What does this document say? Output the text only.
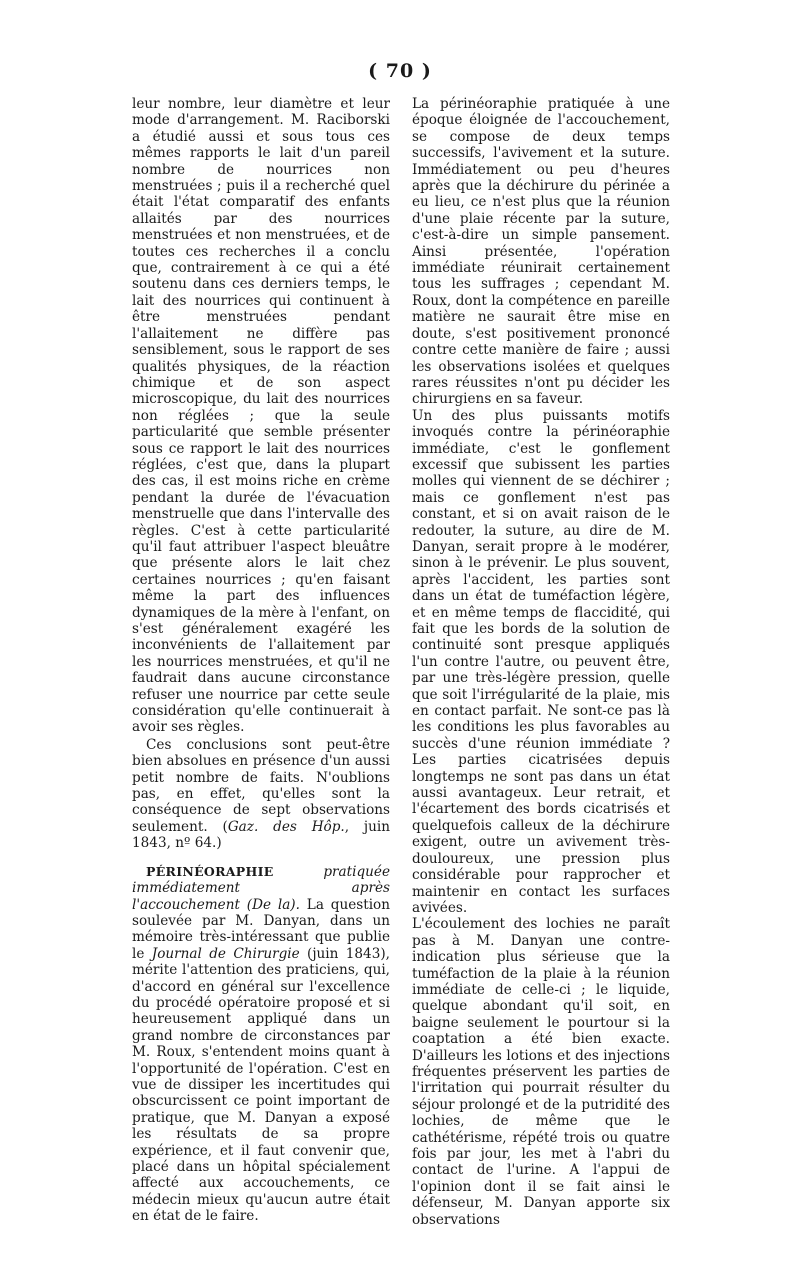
( 70 )

leur nombre, leur diamètre et leur mode d'arrangement. M. Raciborski a étudié aussi et sous tous ces mêmes rapports le lait d'un pareil nombre de nourrices non menstruées ; puis il a recherché quel était l'état comparatif des enfants allaités par des nourrices menstruées et non menstruées, et de toutes ces recherches il a conclu que, contrairement à ce qui a été soutenu dans ces derniers temps, le lait des nourrices qui continuent à être menstruées pendant l'allaitement ne diffère pas sensiblement, sous le rapport de ses qualités physiques, de la réaction chimique et de son aspect microscopique, du lait des nourrices non réglées ; que la seule particularité que semble présenter sous ce rapport le lait des nourrices réglées, c'est que, dans la plupart des cas, il est moins riche en crème pendant la durée de l'évacuation menstruelle que dans l'intervalle des règles. C'est à cette particularité qu'il faut attribuer l'aspect bleuâtre que présente alors le lait chez certaines nourrices ; qu'en faisant même la part des influences dynamiques de la mère à l'enfant, on s'est généralement exagéré les inconvénients de l'allaitement par les nourrices menstruées, et qu'il ne faudrait dans aucune circonstance refuser une nourrice par cette seule considération qu'elle continuerait à avoir ses règles.

Ces conclusions sont peut-être bien absolues en présence d'un aussi petit nombre de faits. N'oublions pas, en effet, qu'elles sont la conséquence de sept observations seulement. (Gaz. des Hôp., juin 1843, nº 64.)

PÉRINÉORAPHIE	pratiquée immédiatement après l'accouchement (De la). La question soulevée par M. Danyan, dans un mémoire très-intéressant que publie le Journal de Chirurgie (juin 1843), mérite l'attention des praticiens, qui, d'accord en général sur l'excellence du procédé opératoire proposé et si heureusement appliqué dans un grand nombre de circonstances par M. Roux, s'entendent moins quant à l'opportunité de l'opération. C'est en vue de dissiper les incertitudes qui obscurcissent ce point important de pratique, que M. Danyan a exposé les résultats de sa propre expérience, et il faut convenir que, placé dans un hôpital spécialement affecté aux accouchements, ce médecin mieux qu'aucun autre était en état de le faire.

La périnéoraphie pratiquée à une époque éloignée de l'accouchement, se compose de deux temps successifs, l'avivement et la suture. Immédiatement ou peu d'heures après que la déchirure du périnée a eu lieu, ce n'est plus que la réunion d'une plaie récente par la suture, c'est-à-dire un simple pansement. Ainsi présentée, l'opération immédiate réunirait certainement tous les suffrages ; cependant M. Roux, dont la compétence en pareille matière ne saurait être mise en doute, s'est positivement prononcé contre cette manière de faire ; aussi les observations isolées et quelques rares réussites n'ont pu décider les chirurgiens en sa faveur.

Un des plus puissants motifs invoqués contre la périnéoraphie immédiate, c'est le gonflement excessif que subissent les parties molles qui viennent de se déchirer ; mais ce gonflement n'est pas constant, et si on avait raison de le redouter, la suture, au dire de M. Danyan, serait propre à le modérer, sinon à le prévenir. Le plus souvent, après l'accident, les parties sont dans un état de tuméfaction légère, et en même temps de flaccidité, qui fait que les bords de la solution de continuité sont presque appliqués l'un contre l'autre, ou peuvent être, par une très-légère pression, quelle que soit l'irrégularité de la plaie, mis en contact parfait. Ne sont-ce pas là les conditions les plus favorables au succès d'une réunion immédiate ? Les parties cicatrisées depuis longtemps ne sont pas dans un état aussi avantageux. Leur retrait, et l'écartement des bords cicatrisés et quelquefois calleux de la déchirure exigent, outre un avivement très-douloureux, une pression plus considérable pour rapprocher et maintenir en contact les surfaces avivées.

L'écoulement des lochies ne paraît pas à M. Danyan une contre-indication plus sérieuse que la tuméfaction de la plaie à la réunion immédiate de celle-ci ; le liquide, quelque abondant qu'il soit, en baigne seulement le pourtour si la coaptation a été bien exacte. D'ailleurs les lotions et des injections fréquentes préservent les parties de l'irritation qui pourrait résulter du séjour prolongé et de la putridité des lochies, de même que le cathétérisme, répété trois ou quatre fois par jour, les met à l'abri du contact de l'urine. A l'appui de l'opinion dont il se fait ainsi le défenseur, M. Danyan apporte six observations
